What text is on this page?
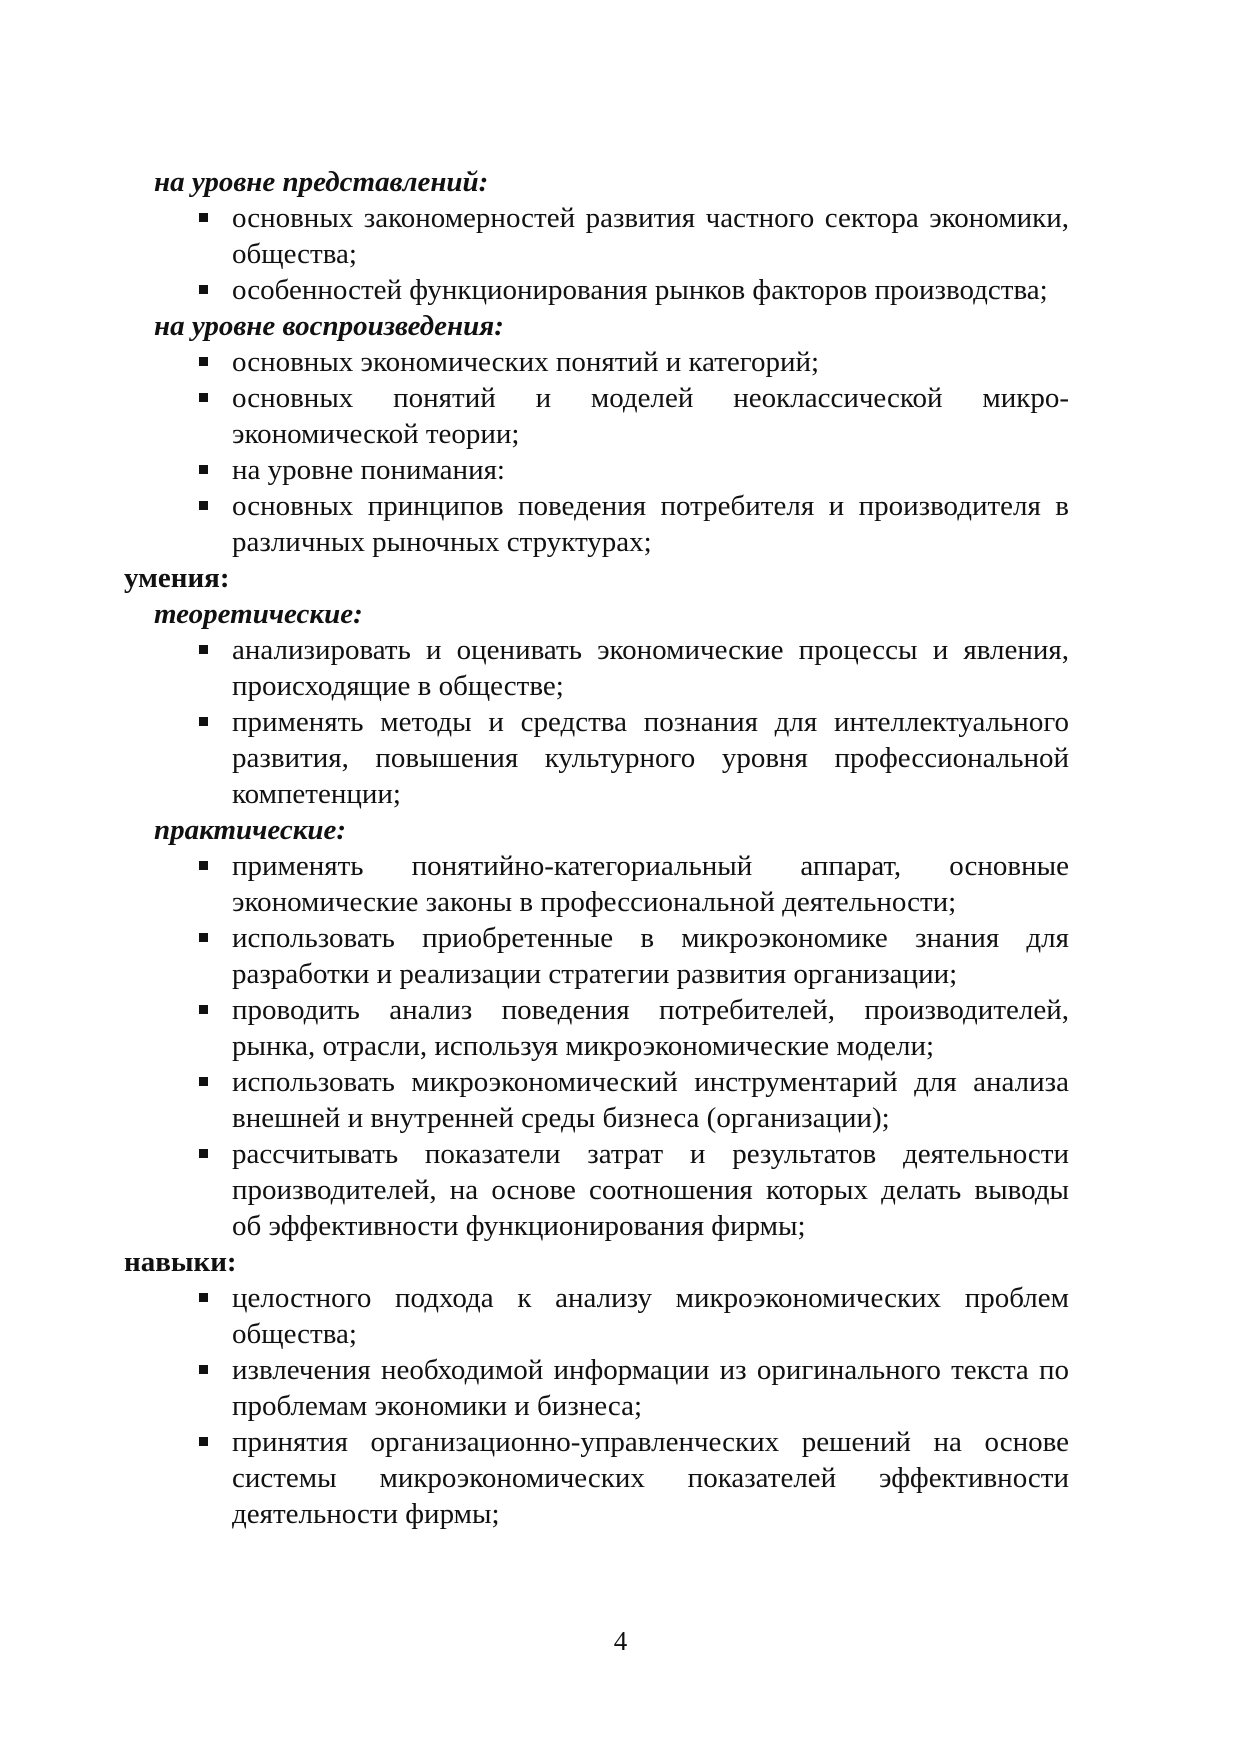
на уровне представлений:
основных закономерностей развития частного сектора экономики, общества;
особенностей функционирования рынков факторов производства;
на уровне воспроизведения:
основных экономических понятий и категорий;
основных понятий и моделей неоклассической микроэкономической теории;
на уровне понимания:
основных принципов поведения потребителя и производителя в различных рыночных структурах;
умения:
теоретические:
анализировать и оценивать экономические процессы и явления, происходящие в обществе;
применять методы и средства познания для интеллектуального развития, повышения культурного уровня профессиональной компетенции;
практические:
применять понятийно-категориальный аппарат, основные экономические законы в профессиональной деятельности;
использовать приобретенные в микроэкономике знания для разработки и реализации стратегии развития организации;
проводить анализ поведения потребителей, производителей, рынка, отрасли, используя микроэкономические модели;
использовать микроэкономический инструментарий для анализа внешней и внутренней среды бизнеса (организации);
рассчитывать показатели затрат и результатов деятельности производителей, на основе соотношения которых делать выводы об эффективности функционирования фирмы;
навыки:
целостного подхода к анализу микроэкономических проблем общества;
извлечения необходимой информации из оригинального текста по проблемам экономики и бизнеса;
принятия организационно-управленческих решений на основе системы микроэкономических показателей эффективности деятельности фирмы;
4
